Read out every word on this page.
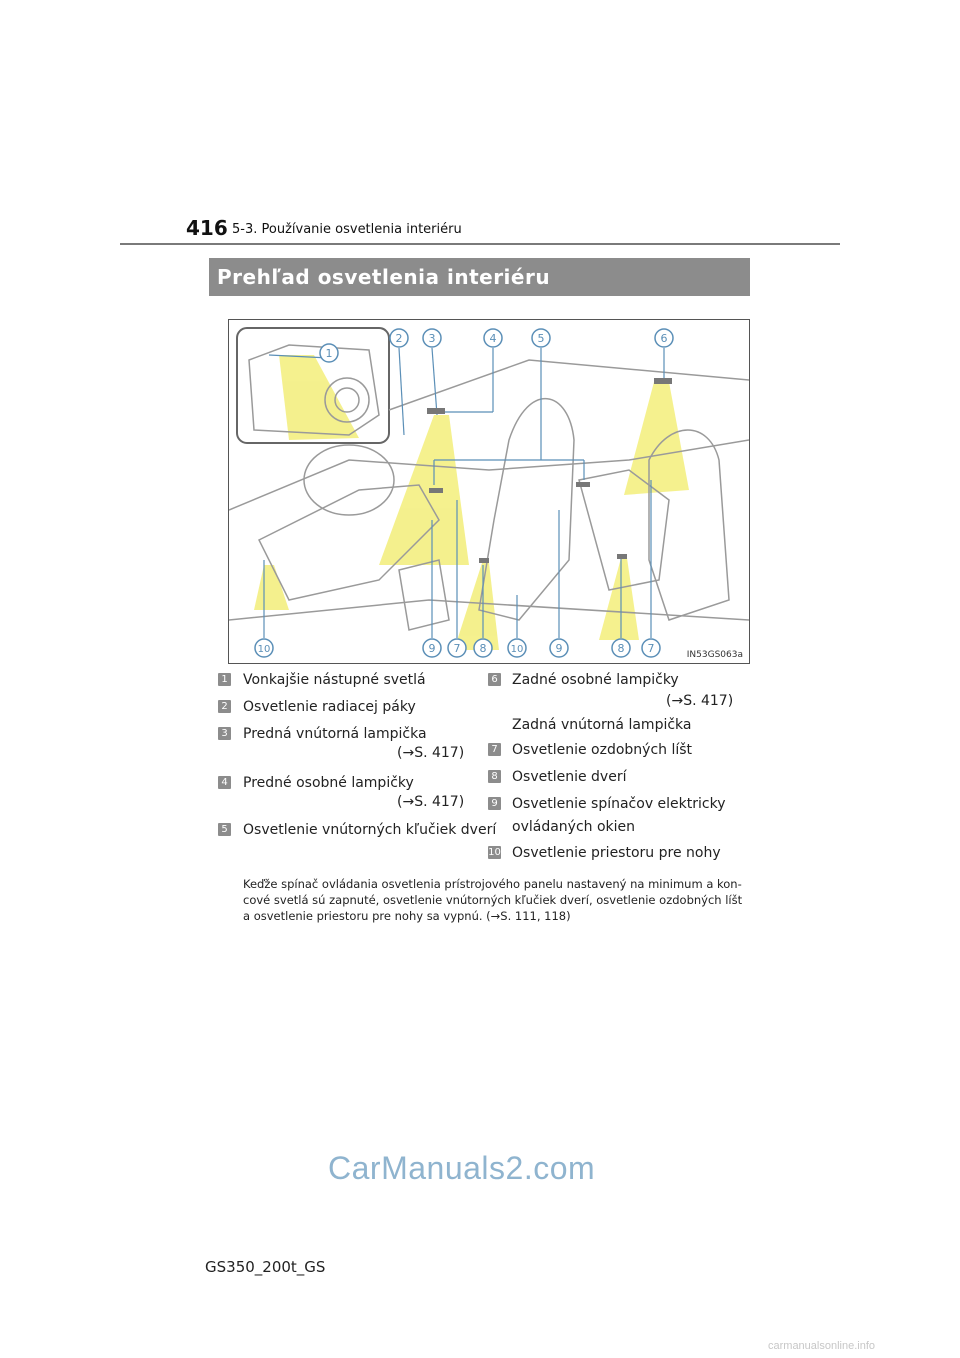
416 5-3. Používanie osvetlenia interiéru
Prehľad osvetlenia interiéru
1
2 3	4	5	6
10	9 7 8 10	9	8 7	IN53GS063a
1 Vonkajšie nástupné svetlá
2 Osvetlenie radiacej páky
3 Predná vnútorná lampička
(→S. 417)
4 Predné osobné lampičky
(→S. 417)
5 Osvetlenie vnútorných kľučiek dverí
6 Zadné osobné lampičky
(→S. 417)
Zadná vnútorná lampička
7 Osvetlenie ozdobných líšt
8 Osvetlenie dverí
9 Osvetlenie spínačov elektricky
ovládaných okien
10 Osvetlenie priestoru pre nohy
Keďže spínač ovládania osvetlenia prístrojového panelu nastavený na minimum a kon-
cové svetlá sú zapnuté, osvetlenie vnútorných kľučiek dverí, osvetlenie ozdobných líšt
a osvetlenie priestoru pre nohy sa vypnú. (→S. 111, 118)
CarManuals2.com
GS350_200t_GS
carmanualsonline.info
